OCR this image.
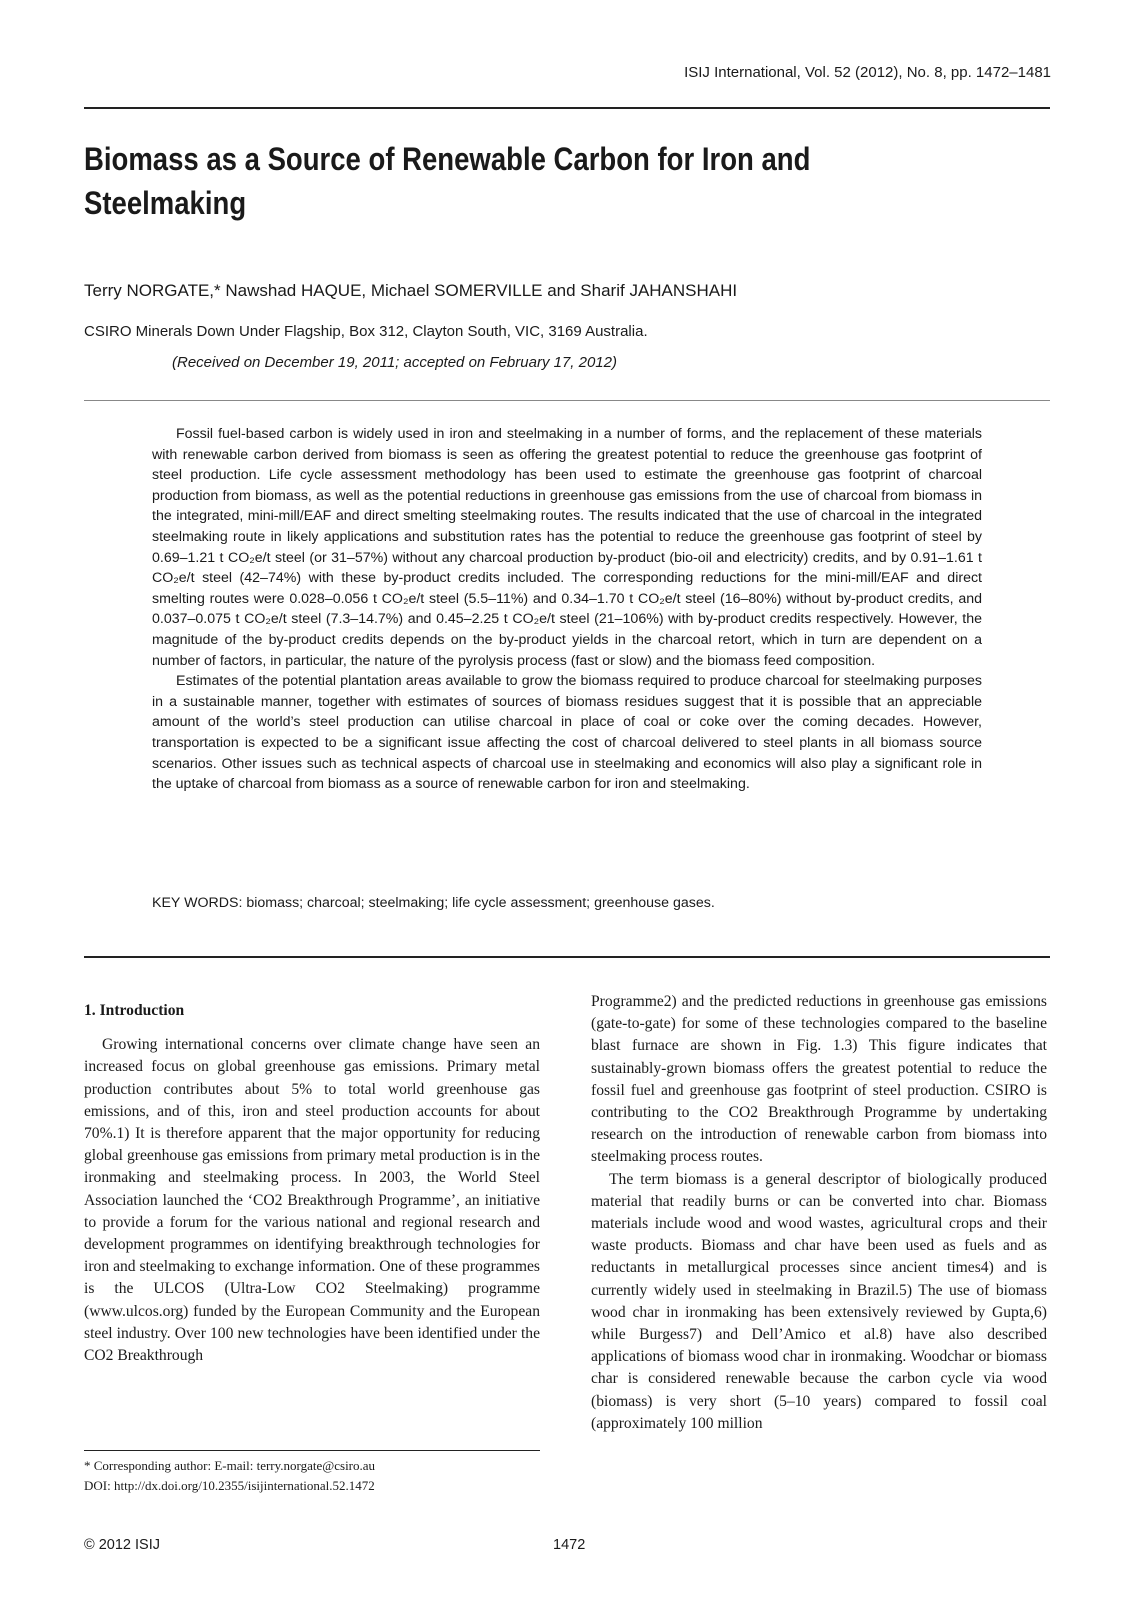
ISIJ International, Vol. 52 (2012), No. 8, pp. 1472–1481
Biomass as a Source of Renewable Carbon for Iron and Steelmaking
Terry NORGATE,* Nawshad HAQUE, Michael SOMERVILLE and Sharif JAHANSHAHI
CSIRO Minerals Down Under Flagship, Box 312, Clayton South, VIC, 3169 Australia.
(Received on December 19, 2011; accepted on February 17, 2012)

Fossil fuel-based carbon is widely used in iron and steelmaking in a number of forms, and the replacement of these materials with renewable carbon derived from biomass is seen as offering the greatest potential to reduce the greenhouse gas footprint of steel production. Life cycle assessment methodology has been used to estimate the greenhouse gas footprint of charcoal production from biomass, as well as the potential reductions in greenhouse gas emissions from the use of charcoal from biomass in the integrated, mini-mill/EAF and direct smelting steelmaking routes. The results indicated that the use of charcoal in the integrated steelmaking route in likely applications and substitution rates has the potential to reduce the greenhouse gas footprint of steel by 0.69–1.21 t CO₂e/t steel (or 31–57%) without any charcoal production by-product (bio-oil and electricity) credits, and by 0.91–1.61 t CO₂e/t steel (42–74%) with these by-product credits included. The corresponding reductions for the mini-mill/EAF and direct smelting routes were 0.028–0.056 t CO₂e/t steel (5.5–11%) and 0.34–1.70 t CO₂e/t steel (16–80%) without by-product credits, and 0.037–0.075 t CO₂e/t steel (7.3–14.7%) and 0.45–2.25 t CO₂e/t steel (21–106%) with by-product credits respectively. However, the magnitude of the by-product credits depends on the by-product yields in the charcoal retort, which in turn are dependent on a number of factors, in particular, the nature of the pyrolysis process (fast or slow) and the biomass feed composition.

Estimates of the potential plantation areas available to grow the biomass required to produce charcoal for steelmaking purposes in a sustainable manner, together with estimates of sources of biomass residues suggest that it is possible that an appreciable amount of the world’s steel production can utilise charcoal in place of coal or coke over the coming decades. However, transportation is expected to be a significant issue affecting the cost of charcoal delivered to steel plants in all biomass source scenarios. Other issues such as technical aspects of charcoal use in steelmaking and economics will also play a significant role in the uptake of charcoal from biomass as a source of renewable carbon for iron and steelmaking.

KEY WORDS: biomass; charcoal; steelmaking; life cycle assessment; greenhouse gases.
1. Introduction

Growing international concerns over climate change have seen an increased focus on global greenhouse gas emissions. Primary metal production contributes about 5% to total world greenhouse gas emissions, and of this, iron and steel production accounts for about 70%.1) It is therefore apparent that the major opportunity for reducing global greenhouse gas emissions from primary metal production is in the ironmaking and steelmaking process. In 2003, the World Steel Association launched the ‘CO2 Breakthrough Programme’, an initiative to provide a forum for the various national and regional research and development programmes on identifying breakthrough technologies for iron and steelmaking to exchange information. One of these programmes is the ULCOS (Ultra-Low CO2 Steelmaking) programme (www.ulcos.org) funded by the European Community and the European steel industry. Over 100 new technologies have been identified under the CO2 Breakthrough

Programme2) and the predicted reductions in greenhouse gas emissions (gate-to-gate) for some of these technologies compared to the baseline blast furnace are shown in Fig. 1.3) This figure indicates that sustainably-grown biomass offers the greatest potential to reduce the fossil fuel and greenhouse gas footprint of steel production. CSIRO is contributing to the CO2 Breakthrough Programme by undertaking research on the introduction of renewable carbon from biomass into steelmaking process routes.

The term biomass is a general descriptor of biologically produced material that readily burns or can be converted into char. Biomass materials include wood and wood wastes, agricultural crops and their waste products. Biomass and char have been used as fuels and as reductants in metallurgical processes since ancient times4) and is currently widely used in steelmaking in Brazil.5) The use of biomass wood char in ironmaking has been extensively reviewed by Gupta,6) while Burgess7) and Dell’Amico et al.8) have also described applications of biomass wood char in ironmaking. Woodchar or biomass char is considered renewable because the carbon cycle via wood (biomass) is very short (5–10 years) compared to fossil coal (approximately 100 million

* Corresponding author: E-mail: terry.norgate@csiro.au
DOI: http://dx.doi.org/10.2355/isijinternational.52.1472
© 2012 ISIJ	1472
